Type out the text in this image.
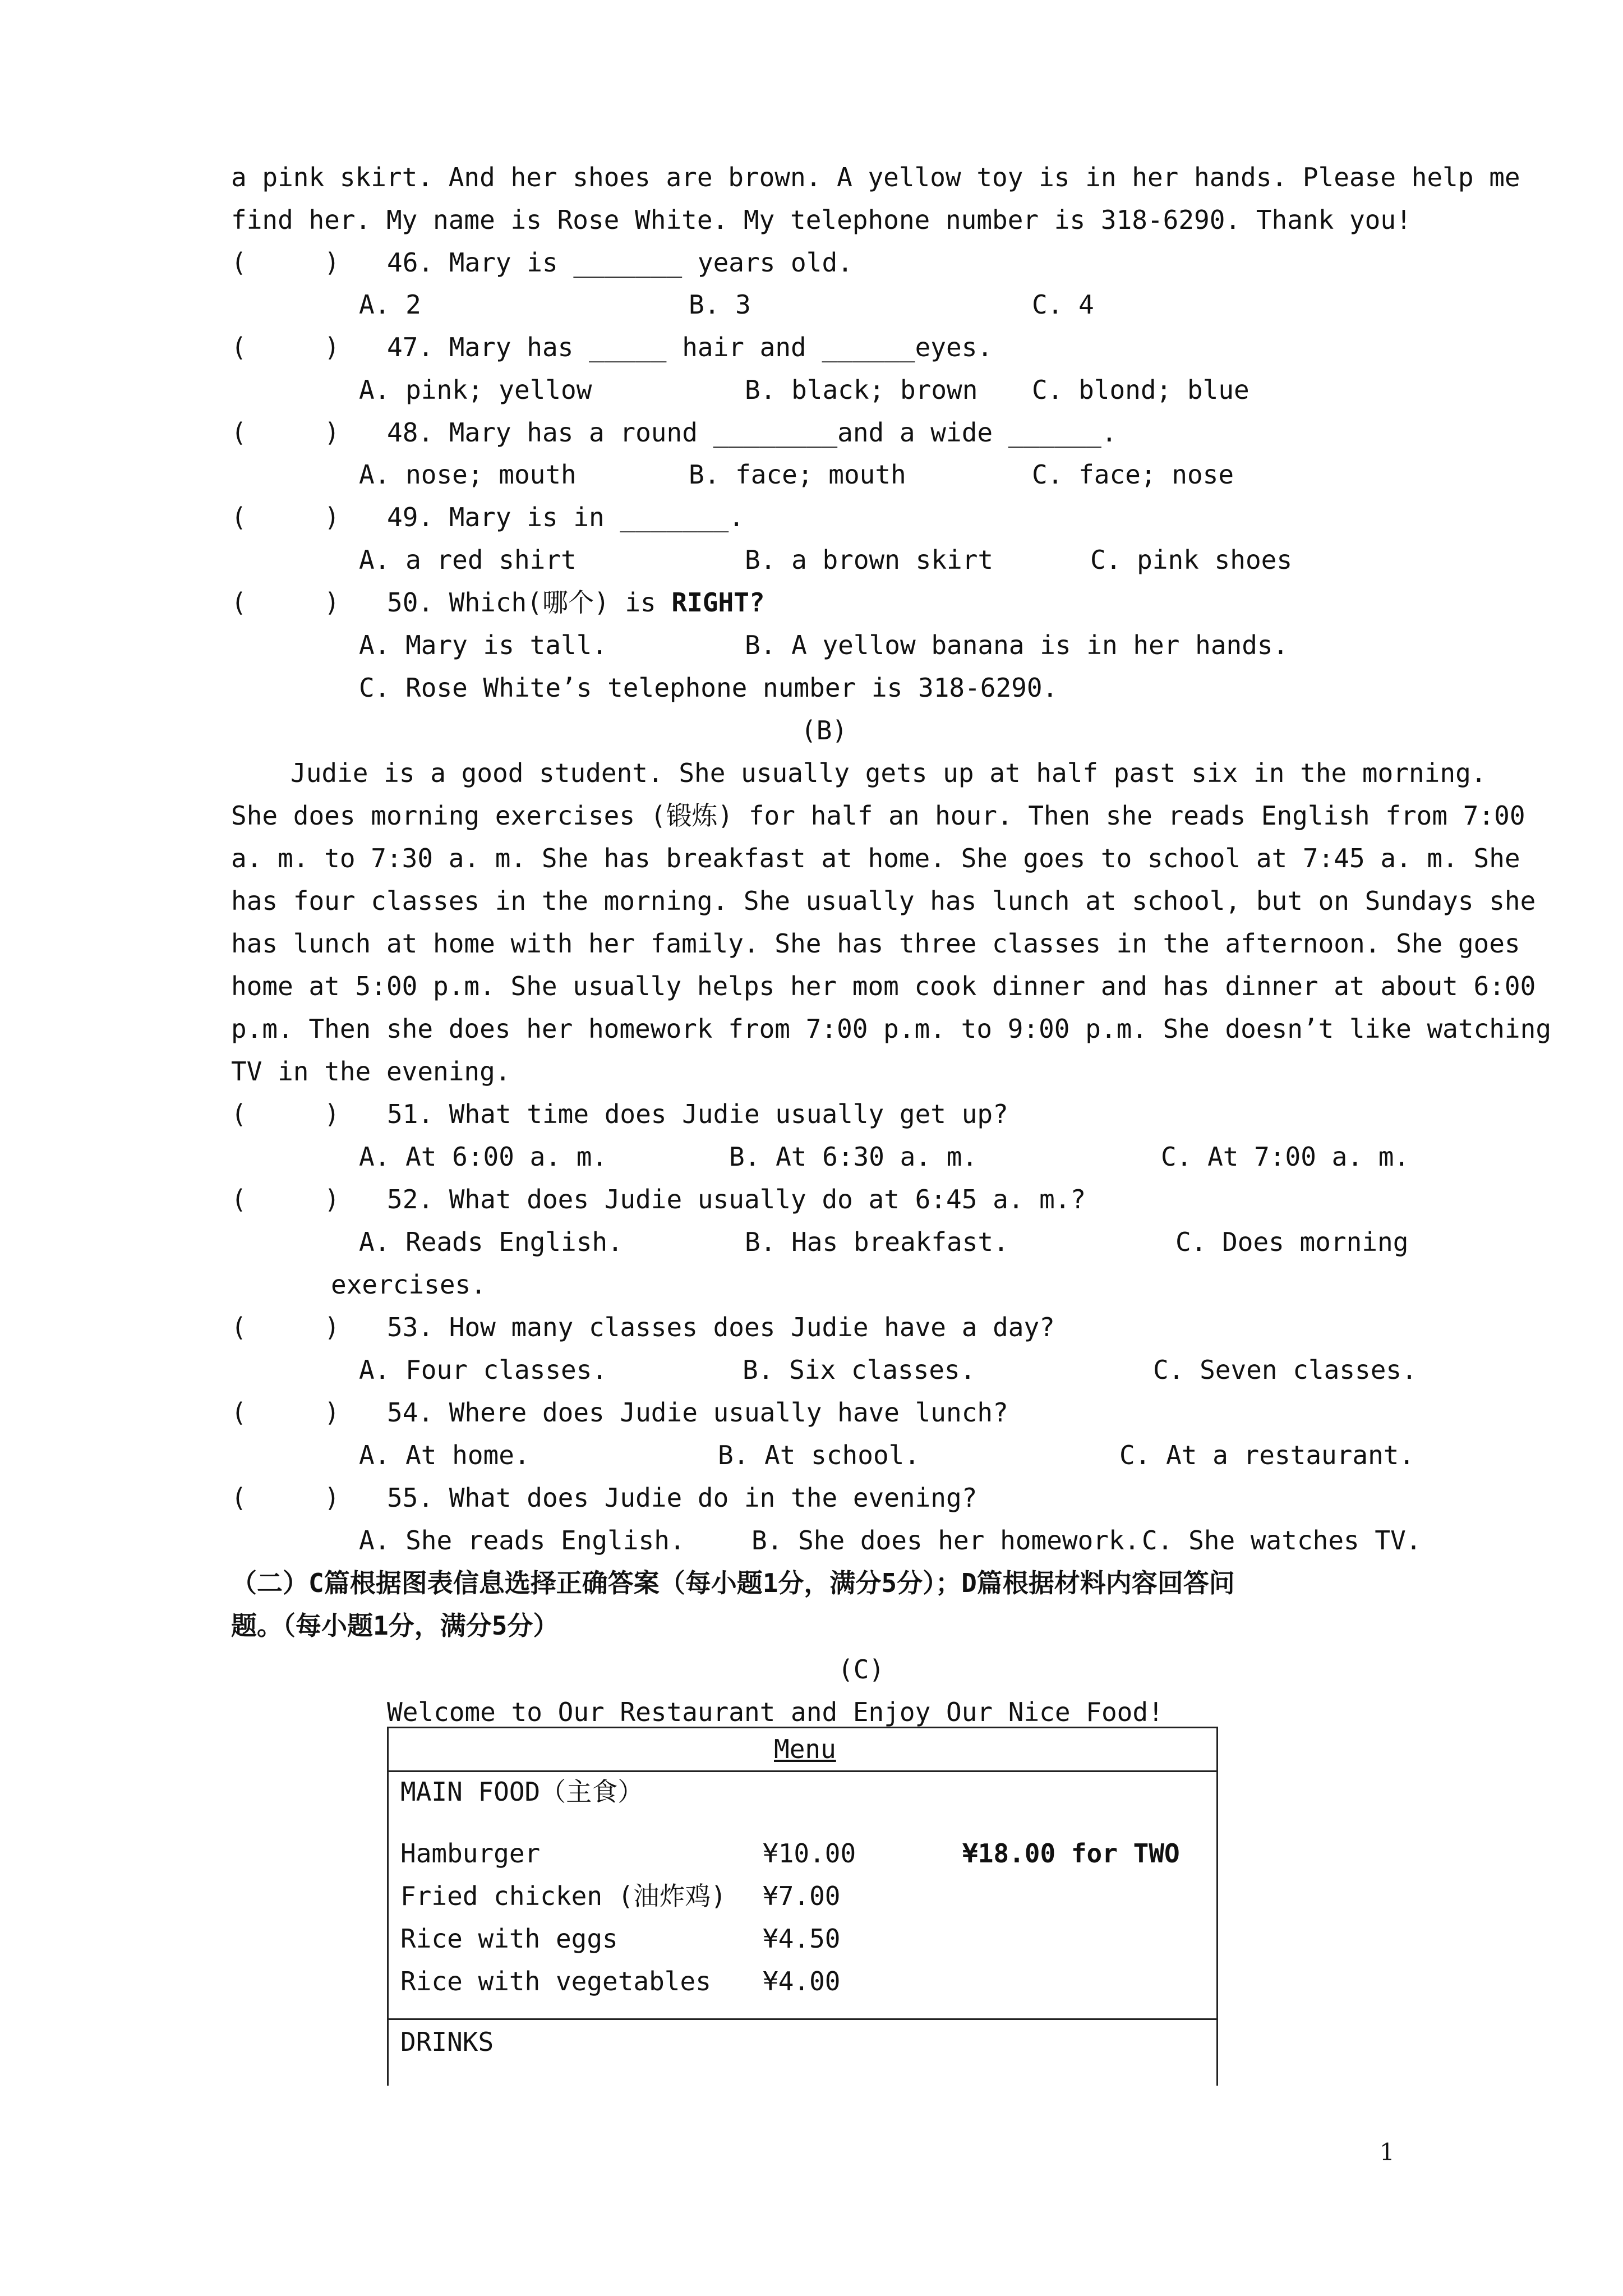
a pink skirt. And her shoes are brown. A yellow toy is in her hands. Please help me
find her. My name is Rose White. My telephone number is 318-6290. Thank you!
(     ) 46. Mary is _______ years old.
A. 2	B. 3	C. 4
(     ) 47. Mary has _____ hair and ______eyes.
A. pink; yellow	B. black; brown C. blond; blue
(     ) 48. Mary has a round ________and a wide ______.
A. nose; mouth	B. face; mouth	C. face; nose
(     ) 49. Mary is in _______.
A. a red shirt	B. a brown skirt	C. pink shoes
(     ) 50. Which(哪个) is RIGHT?
A. Mary is tall.	B. A yellow banana is in her hands.
C. Rose White’s telephone number is 318-6290.
(B)
Judie is a good student. She usually gets up at half past six in the morning.
She does morning exercises (锻炼) for half an hour. Then she reads English from 7:00
a. m. to 7:30 a. m. She has breakfast at home. She goes to school at 7:45 a. m. She
has four classes in the morning. She usually has lunch at school, but on Sundays she
has lunch at home with her family. She has three classes in the afternoon. She goes
home at 5:00 p.m. She usually helps her mom cook dinner and has dinner at about 6:00
p.m. Then she does her homework from 7:00 p.m. to 9:00 p.m. She doesn’t like watching
TV in the evening.
(     ) 51. What time does Judie usually get up?
A. At 6:00 a. m.	B. At 6:30 a. m.	C. At 7:00 a. m.
(     ) 52. What does Judie usually do at 6:45 a. m.?
A. Reads English.	B. Has breakfast.	C. Does morning
exercises.
(     ) 53. How many classes does Judie have a day?
A. Four classes.	B. Six classes.	C. Seven classes.
(     ) 54. Where does Judie usually have lunch?
A. At home.	B. At school.	C. At a restaurant.
(     ) 55. What does Judie do in the evening?
A. She reads English.	B. She does her homework. C. She watches TV.
（二）C篇根据图表信息选择正确答案（每小题1分，满分5分）；D篇根据材料内容回答问
题。（每小题1分，满分5分）
(C)
Welcome to Our Restaurant and Enjoy Our Nice Food!
Menu
MAIN FOOD（主食）
Hamburger	¥10.00	¥18.00 for TWO
Fried chicken (油炸鸡) ¥7.00
Rice with eggs	¥4.50
Rice with vegetables ¥4.00
DRINKS
1
